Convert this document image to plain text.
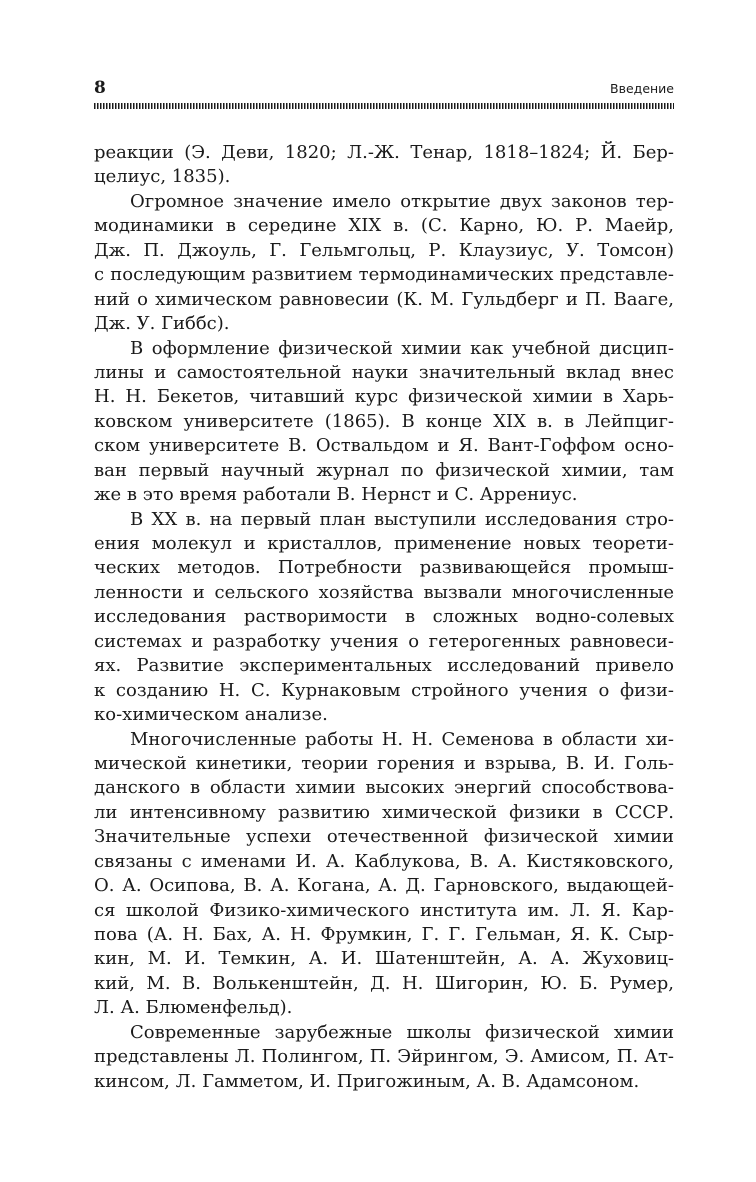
8	Введение
реакции (Э. Деви, 1820; Л.-Ж. Тенар, 1818–1824; Й. Бер-
целиус, 1835).
Огромное значение имело открытие двух законов тер-
модинамики в середине XIX в. (С. Карно, Ю. Р. Маейр,
Дж. П. Джоуль, Г. Гельмгольц, Р. Клаузиус, У. Томсон)
с последующим развитием термодинамических представле-
ний о химическом равновесии (К. М. Гульдберг и П. Вааге,
Дж. У. Гиббс).
В оформление физической химии как учебной дисцип-
лины и самостоятельной науки значительный вклад внес
Н. Н. Бекетов, читавший курс физической химии в Харь-
ковском университете (1865). В конце XIX в. в Лейпциг-
ском университете В. Оствальдом и Я. Вант-Гоффом осно-
ван первый научный журнал по физической химии, там
же в это время работали В. Нернст и С. Аррениус.
В XX в. на первый план выступили исследования стро-
ения молекул и кристаллов, применение новых теорети-
ческих методов. Потребности развивающейся промыш-
ленности и сельского хозяйства вызвали многочисленные
исследования растворимости в сложных водно-солевых
системах и разработку учения о гетерогенных равновеси-
ях. Развитие экспериментальных исследований привело
к созданию Н. С. Курнаковым стройного учения о физи-
ко-химическом анализе.
Многочисленные работы Н. Н. Семенова в области хи-
мической кинетики, теории горения и взрыва, В. И. Голь-
данского в области химии высоких энергий способствова-
ли интенсивному развитию химической физики в СССР.
Значительные успехи отечественной физической химии
связаны с именами И. А. Каблукова, В. А. Кистяковского,
О. А. Осипова, В. А. Когана, А. Д. Гарновского, выдающей-
ся школой Физико-химического института им. Л. Я. Кар-
пова (А. Н. Бах, А. Н. Фрумкин, Г. Г. Гельман, Я. К. Сыр-
кин, М. И. Темкин, А. И. Шатенштейн, А. А. Жуховиц-
кий, М. В. Волькенштейн, Д. Н. Шигорин, Ю. Б. Румер,
Л. А. Блюменфельд).
Современные зарубежные школы физической химии
представлены Л. Полингом, П. Эйрингом, Э. Амисом, П. Ат-
кинсом, Л. Гамметом, И. Пригожиным, А. В. Адамсоном.
